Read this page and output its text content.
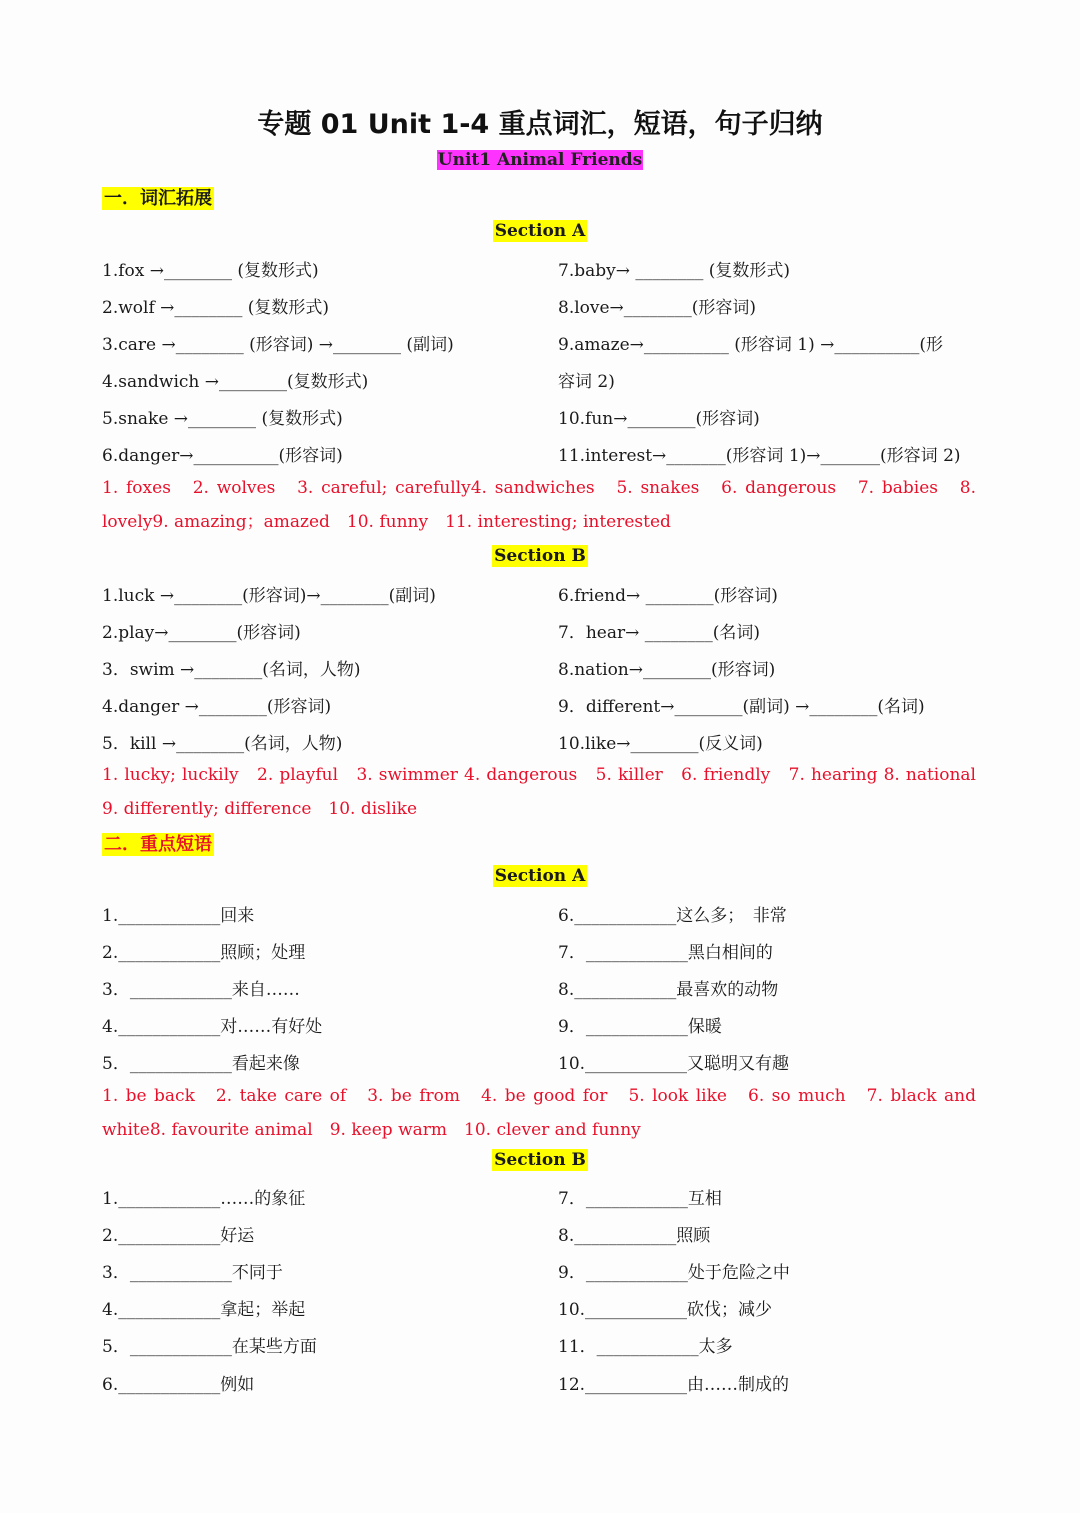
专题 01 Unit 1-4 重点词汇，短语，句子归纳
Unit1 Animal Friends
一．词汇拓展
Section A
1.fox →________ (复数形式)
2.wolf →________ (复数形式)
3.care →________ (形容词) →________ (副词)
4.sandwich →________(复数形式)
5.snake →________ (复数形式)
6.danger→__________(形容词)
7.baby→ ________ (复数形式)
8.love→________(形容词)
9.amaze→__________ (形容词 1) →__________(形
容词 2)
10.fun→________(形容词)
11.interest→_______(形容词 1)→_______(形容词 2)
1. foxes　2. wolves　3. careful; carefully4. sandwiches　5. snakes　6. dangerous　7. babies　8. lovely9. amazing；amazed　10. funny　11. interesting; interested
Section B
1.luck →________(形容词)→________(副词)
2.play→________(形容词)
3．swim →________(名词，人物)
4.danger →________(形容词)
5．kill →________(名词，人物)
6.friend→ ________(形容词)
7．hear→ ________(名词)
8.nation→________(形容词)
9．different→________(副词) →________(名词)
10.like→________(反义词)
1. lucky; luckily　2. playful　3. swimmer 4. dangerous　5. killer　6. friendly　7. hearing 8. national　9. differently; difference　10. dislike
二．重点短语
Section A
1.____________回来
2.____________照顾；处理
3．____________来自……
4.____________对……有好处
5．____________看起来像
6.____________这么多；　非常
7．____________黑白相间的
8.____________最喜欢的动物
9．____________保暖
10.____________又聪明又有趣
1. be back　2. take care of　3. be from　4. be good for　5. look like　6. so much　7. black and white8. favourite animal　9. keep warm　10. clever and funny
Section B
1.____________……的象征
2.____________好运
3．____________不同于
4.____________拿起；举起
5．____________在某些方面
6.____________例如
7．____________互相
8.____________照顾
9．____________处于危险之中
10.____________砍伐；减少
11．____________太多
12.____________由……制成的
